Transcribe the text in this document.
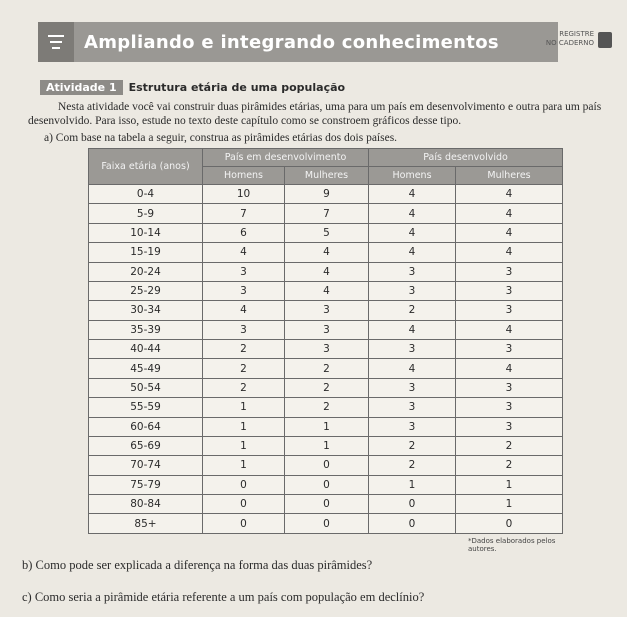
Ampliando e integrando conhecimentos	REGISTRE
NO CADERNO
Atividade 1	Estrutura etária de uma população
Nesta atividade você vai construir duas pirâmides etárias, uma para um país em desenvolvimento e outra para um país desenvolvido. Para isso, estude no texto deste capítulo como se constroem gráficos desse tipo.
a) Com base na tabela a seguir, construa as pirâmides etárias dos dois países.
Faixa etária (anos)	País em desenvolvimento		País desenvolvido	
	Homens	Mulheres	Homens	Mulheres
0-4	10	9	4	4
5-9	7	7	4	4
10-14	6	5	4	4
15-19	4	4	4	4
20-24	3	4	3	3
25-29	3	4	3	3
30-34	4	3	2	3
35-39	3	3	4	4
40-44	2	3	3	3
45-49	2	2	4	4
50-54	2	2	3	3
55-59	1	2	3	3
60-64	1	1	3	3
65-69	1	1	2	2
70-74	1	0	2	2
75-79	0	0	1	1
80-84	0	0	0	1
85+	0	0	0	0
*Dados elaborados pelos autores.
b) Como pode ser explicada a diferença na forma das duas pirâmides?
c) Como seria a pirâmide etária referente a um país com população em declínio?
